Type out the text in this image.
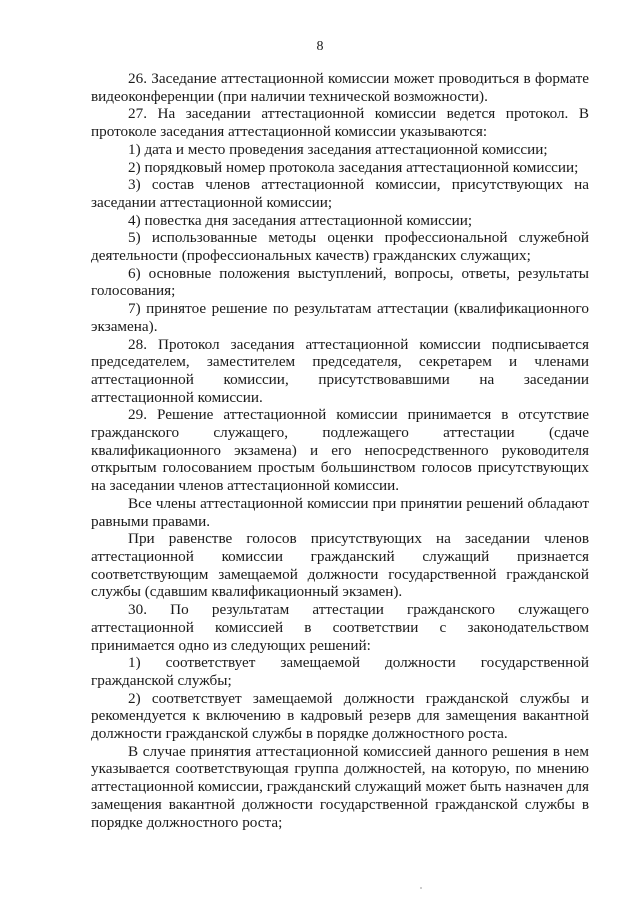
8

26. Заседание аттестационной комиссии может проводиться в формате видеоконференции (при наличии технической возможности).

27. На заседании аттестационной комиссии ведется протокол. В протоколе заседания аттестационной комиссии указываются:

1) дата и место проведения заседания аттестационной комиссии;

2) порядковый номер протокола заседания аттестационной комиссии;

3) состав членов аттестационной комиссии, присутствующих на заседании аттестационной комиссии;

4) повестка дня заседания аттестационной комиссии;

5) использованные методы оценки профессиональной служебной деятельности (профессиональных качеств) гражданских служащих;

6) основные положения выступлений, вопросы, ответы, результаты голосования;

7) принятое решение по результатам аттестации (квалификационного экзамена).

28. Протокол заседания аттестационной комиссии подписывается председателем, заместителем председателя, секретарем и членами аттестационной комиссии, присутствовавшими на заседании аттестационной комиссии.

29. Решение аттестационной комиссии принимается в отсутствие гражданского служащего, подлежащего аттестации (сдаче квалификационного экзамена) и его непосредственного руководителя открытым голосованием простым большинством голосов присутствующих на заседании членов аттестационной комиссии.

Все члены аттестационной комиссии при принятии решений обладают равными правами.

При равенстве голосов присутствующих на заседании членов аттестационной комиссии гражданский служащий признается соответствующим замещаемой должности государственной гражданской службы (сдавшим квалификационный экзамен).

30. По результатам аттестации гражданского служащего аттестационной комиссией в соответствии с законодательством принимается одно из следующих решений:

1) соответствует замещаемой должности государственной гражданской службы;

2) соответствует замещаемой должности гражданской службы и рекомендуется к включению в кадровый резерв для замещения вакантной должности гражданской службы в порядке должностного роста.

В случае принятия аттестационной комиссией данного решения в нем указывается соответствующая группа должностей, на которую, по мнению аттестационной комиссии, гражданский служащий может быть назначен для замещения вакантной должности государственной гражданской службы в порядке должностного роста;
